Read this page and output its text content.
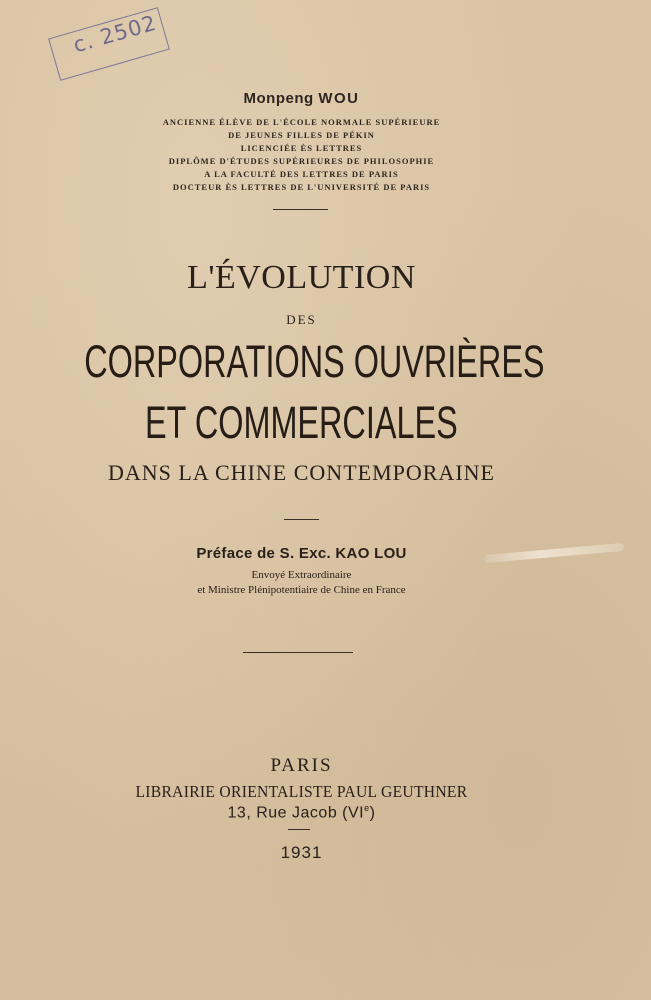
c. 2502
Monpeng WOU
ANCIENNE ÉLÈVE DE L'ÉCOLE NORMALE SUPÉRIEURE
DE JEUNES FILLES DE PÉKIN
LICENCIÉE ÈS LETTRES
DIPLÔME D'ÉTUDES SUPÉRIEURES DE PHILOSOPHIE
A LA FACULTÉ DES LETTRES DE PARIS
DOCTEUR ÈS LETTRES DE L'UNIVERSITÉ DE PARIS
L'ÉVOLUTION
DES
CORPORATIONS OUVRIÈRES
ET COMMERCIALES
DANS LA CHINE CONTEMPORAINE
Préface de S. Exc. KAO LOU
Envoyé Extraordinaire
et Ministre Plénipotentiaire de Chine en France
PARIS
LIBRAIRIE ORIENTALISTE PAUL GEUTHNER
13, Rue Jacob (VIe)
1931
